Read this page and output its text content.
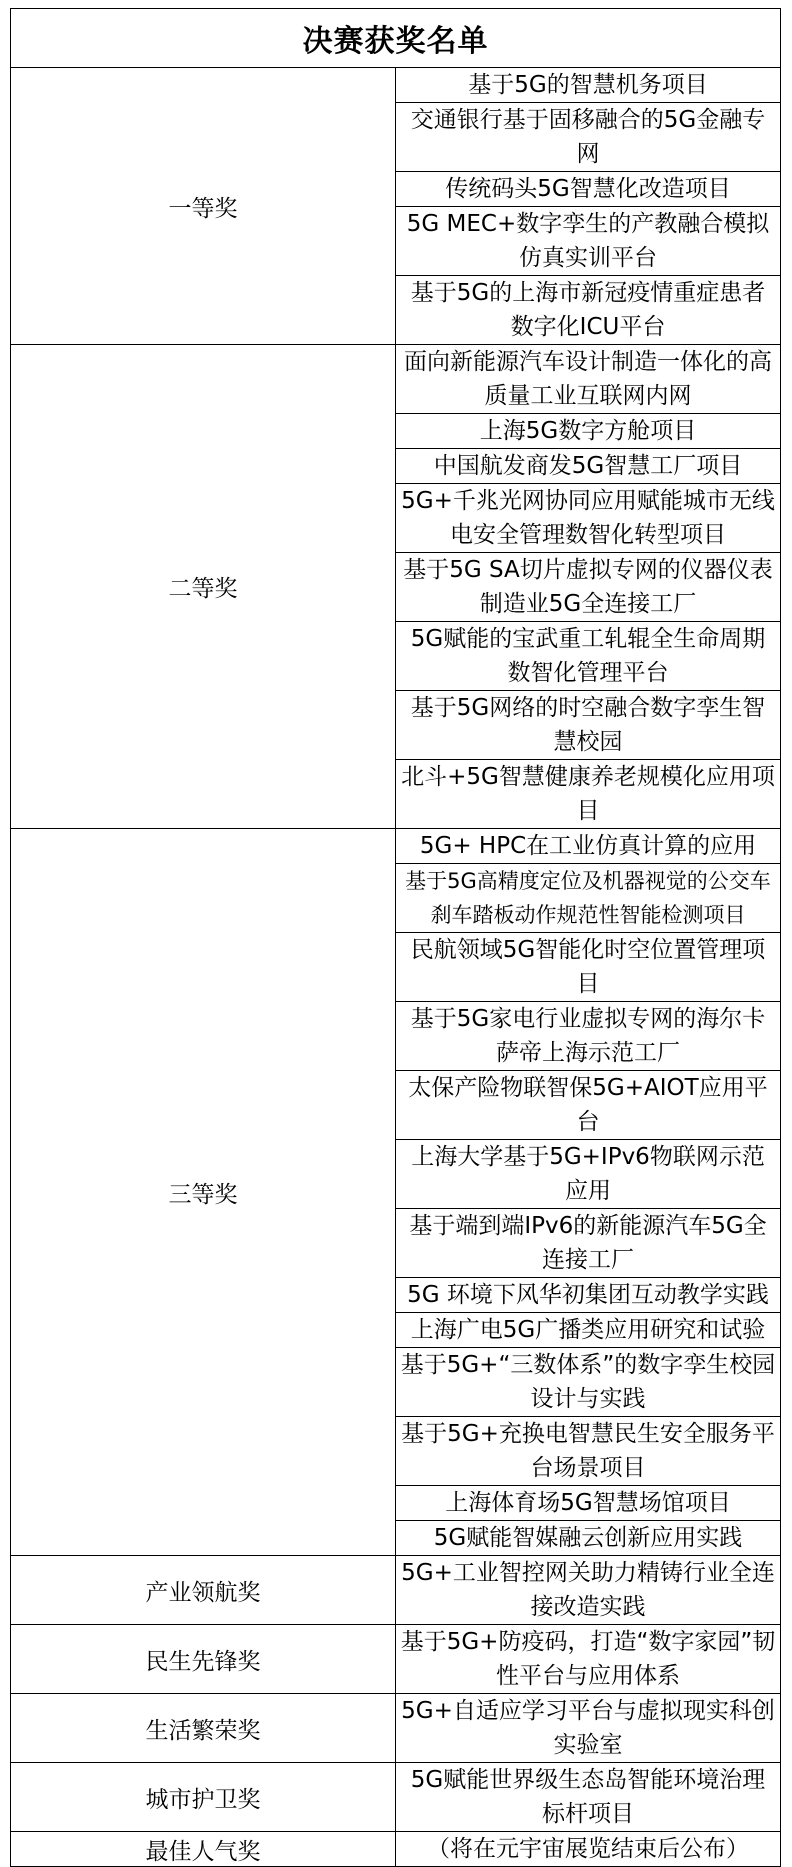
决赛获奖名单	
一等奖	基于5G的智慧机务项目
	交通银行基于固移融合的5G金融专网
	传统码头5G智慧化改造项目
	5G MEC+数字孪生的产教融合模拟仿真实训平台
	基于5G的上海市新冠疫情重症患者数字化ICU平台
二等奖	面向新能源汽车设计制造一体化的高质量工业互联网内网
	上海5G数字方舱项目
	中国航发商发5G智慧工厂项目
	5G+千兆光网协同应用赋能城市无线电安全管理数智化转型项目
	基于5G SA切片虚拟专网的仪器仪表制造业5G全连接工厂
	5G赋能的宝武重工轧辊全生命周期数智化管理平台
	基于5G网络的时空融合数字孪生智慧校园
	北斗+5G智慧健康养老规模化应用项目
三等奖	5G+ HPC在工业仿真计算的应用
	基于5G高精度定位及机器视觉的公交车刹车踏板动作规范性智能检测项目
	民航领域5G智能化时空位置管理项目
	基于5G家电行业虚拟专网的海尔卡萨帝上海示范工厂
	太保产险物联智保5G+AIOT应用平台
	上海大学基于5G+IPv6物联网示范应用
	基于端到端IPv6的新能源汽车5G全连接工厂
	5G 环境下风华初集团互动教学实践
	上海广电5G广播类应用研究和试验
	基于5G+“三数体系”的数字孪生校园设计与实践
	基于5G+充换电智慧民生安全服务平台场景项目
	上海体育场5G智慧场馆项目
	5G赋能智媒融云创新应用实践
产业领航奖	5G+工业智控网关助力精铸行业全连接改造实践
民生先锋奖	基于5G+防疫码，打造“数字家园”韧性平台与应用体系
生活繁荣奖	5G+自适应学习平台与虚拟现实科创实验室
城市护卫奖	5G赋能世界级生态岛智能环境治理标杆项目
最佳人气奖	（将在元宇宙展览结束后公布）
